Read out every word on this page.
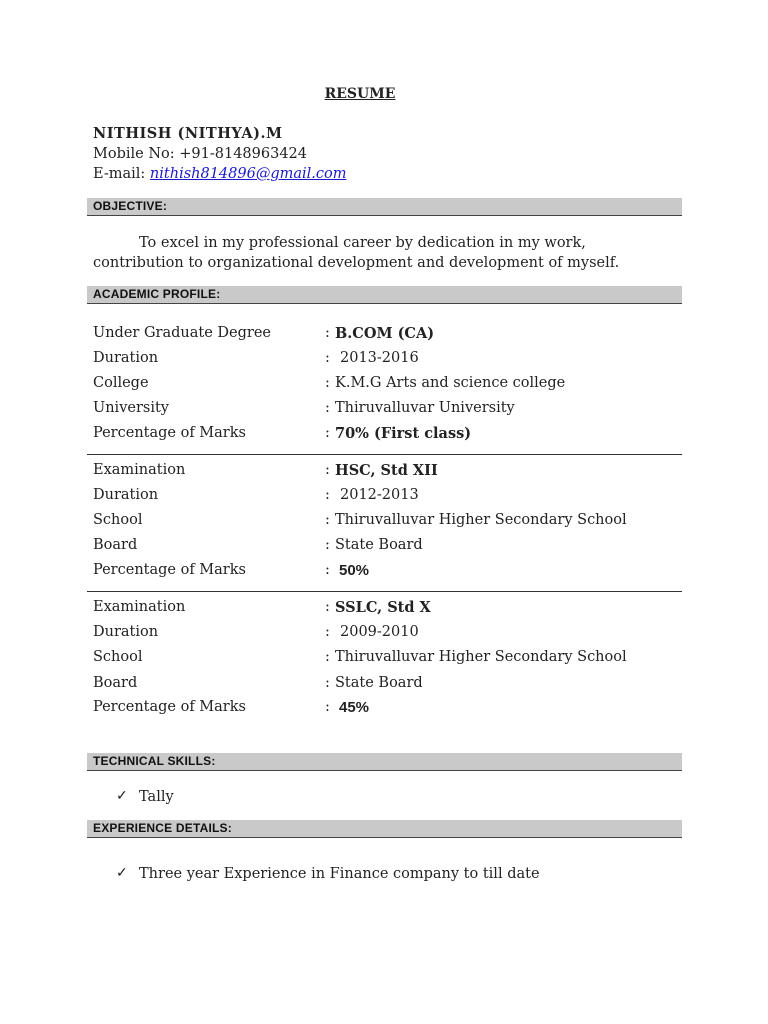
RESUME
NITHISH (NITHYA).M
Mobile No: +91-8148963424
E-mail: nithish814896@gmail.com
OBJECTIVE:
To excel in my professional career by dedication in my work,
contribution to organizational development and development of myself.
ACADEMIC PROFILE:
Under Graduate Degree	: B.COM (CA)
Duration	: 2013-2016
College	: K.M.G Arts and science college
University	: Thiruvalluvar University
Percentage of Marks	: 70% (First class)
Examination	: HSC, Std XII
Duration	: 2012-2013
School	: Thiruvalluvar Higher Secondary School
Board	: State Board
Percentage of Marks	: 50%
Examination	: SSLC, Std X
Duration	: 2009-2010
School	: Thiruvalluvar Higher Secondary School
Board	: State Board
Percentage of Marks	: 45%
TECHNICAL SKILLS:
✓ Tally
EXPERIENCE DETAILS:
✓ Three year Experience in Finance company to till date
